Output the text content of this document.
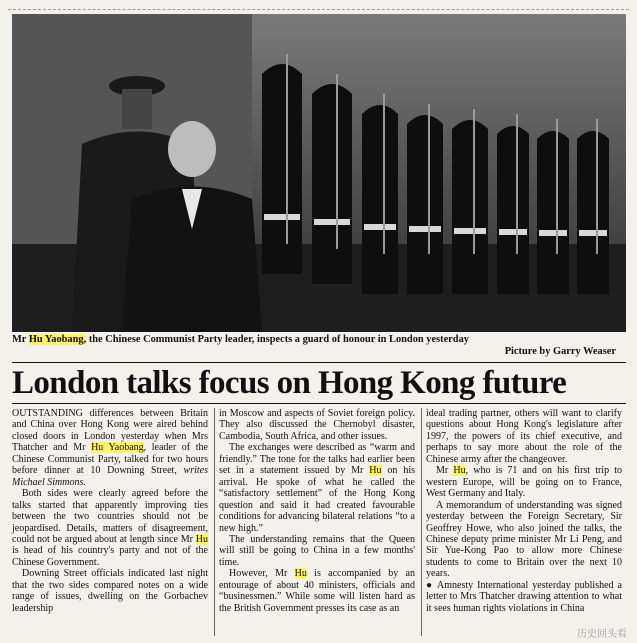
Mr Hu Yaobang, the Chinese Communist Party leader, inspects a guard of honour in London yesterday
Picture by Garry Weaser
London talks focus on Hong Kong future

OUTSTANDING differences between Britain and China over Hong Kong were aired behind closed doors in London yesterday when Mrs Thatcher and Mr Hu Yaobang, leader of the Chinese Communist Party, talked for two hours before dinner at 10 Downing Street, writes Michael Simmons.

Both sides were clearly agreed before the talks started that apparently improving ties between the two countries should not be jeopardised. Details, matters of disagreement, could not be argued about at length since Mr Hu is head of his country's party and not of the Chinese Government.

Downing Street officials indicated last night that the two sides compared notes on a wide range of issues, dwelling on the Gorbachev leadership

in Moscow and aspects of Soviet foreign policy. They also discussed the Chernobyl disaster, Cambodia, South Africa, and other issues.

The exchanges were described as “warm and friendly.” The tone for the talks had earlier been set in a statement issued by Mr Hu on his arrival. He spoke of what he called the “satisfactory settlement” of the Hong Kong question and said it had created favourable conditions for advancing bilateral relations “to a new high.”

The understanding remains that the Queen will still be going to China in a few months' time.

However, Mr Hu is accompanied by an entourage of about 40 ministers, officials and “businessmen.” While some will listen hard as the British Government presses its case as an

ideal trading partner, others will want to clarify questions about Hong Kong's legislature after 1997, the powers of its chief executive, and perhaps to say more about the role of the Chinese army after the changeover.

Mr Hu, who is 71 and on his first trip to western Europe, will be going on to France, West Germany and Italy.

A memorandum of understanding was signed yesterday between the Foreign Secretary, Sir Geoffrey Howe, who also joined the talks, the Chinese deputy prime minister Mr Li Peng, and Sir Yue-Kong Pao to allow more Chinese students to come to Britain over the next 10 years.

● Amnesty International yesterday published a letter to Mrs Thatcher drawing attention to what it sees human rights violations in China

历史回头看
